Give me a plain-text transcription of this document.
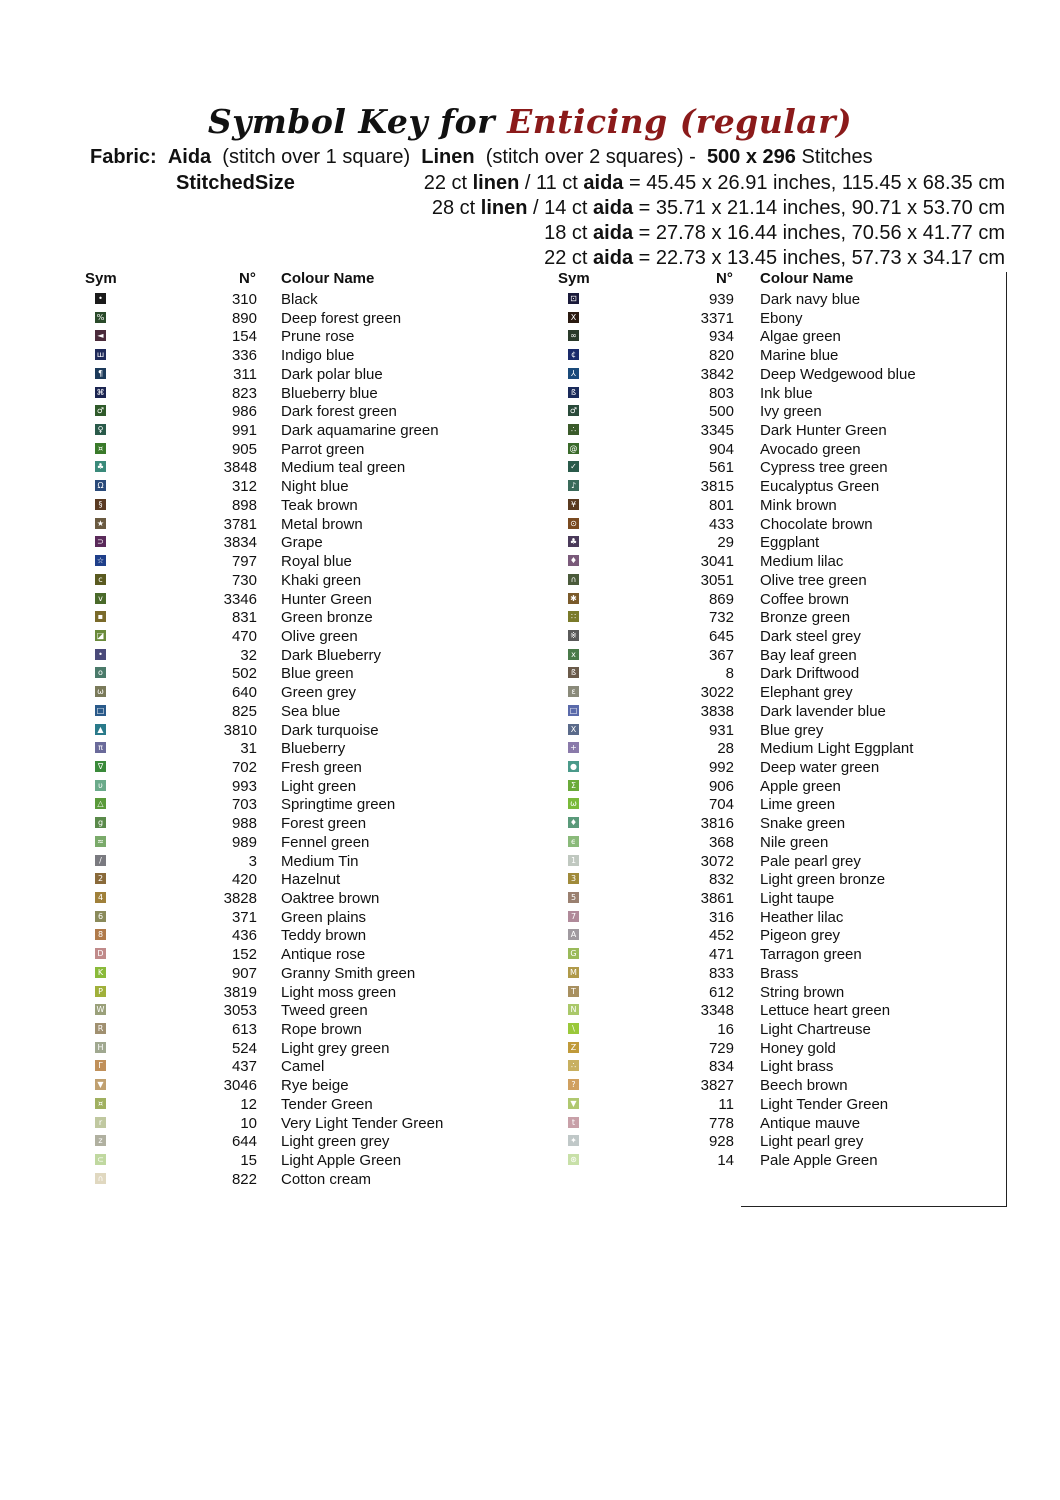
Symbol Key for Enticing (regular)
Fabric: Aida (stitch over 1 square) Linen (stitch over 2 squares) - 500 x 296 Stitches
StitchedSize	22 ct linen / 11 ct aida = 45.45 x 26.91 inches, 115.45 x 68.35 cm
28 ct linen / 14 ct aida = 35.71 x 21.14 inches, 90.71 x 53.70 cm
18 ct aida = 27.78 x 16.44 inches, 70.56 x 41.77 cm
22 ct aida = 22.73 x 13.45 inches, 57.73 x 34.17 cm
Sym	N° Colour Name
•	310 Black
%	890 Deep forest green
◄	154 Prune rose
ш	336 Indigo blue
¶	311 Dark polar blue
⌘	823 Blueberry blue
♂	986 Dark forest green
♀	991 Dark aquamarine green
¤	905 Parrot green
♣	3848 Medium teal green
Ω	312 Night blue
§	898 Teak brown
★	3781 Metal brown
⊃	3834 Grape
☆	797 Royal blue
c	730 Khaki green
v	3346 Hunter Green
▪	831 Green bronze
◪	470 Olive green
•	32 Dark Blueberry
o	502 Blue green
ω	640 Green grey
□	825 Sea blue
▲	3810 Dark turquoise
π	31 Blueberry
∇	702 Fresh green
υ	993 Light green
△	703 Springtime green
g	988 Forest green
≈	989 Fennel green
/	3 Medium Tin
2	420 Hazelnut
4	3828 Oaktree brown
6	371 Green plains
8	436 Teddy brown
D	152 Antique rose
K	907 Granny Smith green
P	3819 Light moss green
W	3053 Tweed green
R	613 Rope brown
H	524 Light grey green
Γ	437 Camel
▼	3046 Rye beige
¤	12 Tender Green
r	10 Very Light Tender Green
z	644 Light green grey
⊂	15 Light Apple Green
∩	822 Cotton cream
Sym	N° Colour Name
⊡	939 Dark navy blue
X	3371 Ebony
∞	934 Algae green
¢	820 Marine blue
⅄	3842 Deep Wedgewood blue
ß	803 Ink blue
♂	500 Ivy green
∴	3345 Dark Hunter Green
@	904 Avocado green
✓	561 Cypress tree green
♪	3815 Eucalyptus Green
¥	801 Mink brown
⊙	433 Chocolate brown
♣	29 Eggplant
♦	3041 Medium lilac
∩	3051 Olive tree green
✱	869 Coffee brown
∷	732 Bronze green
※	645 Dark steel grey
x	367 Bay leaf green
ß	8 Dark Driftwood
ε	3022 Elephant grey
□	3838 Dark lavender blue
X	931 Blue grey
+	28 Medium Light Eggplant
●	992 Deep water green
Σ	906 Apple green
ω	704 Lime green
♦	3816 Snake green
ϵ	368 Nile green
1	3072 Pale pearl grey
3	832 Light green bronze
5	3861 Light taupe
7	316 Heather lilac
A	452 Pigeon grey
G	471 Tarragon green
M	833 Brass
T	612 String brown
N	3348 Lettuce heart green
\	16 Light Chartreuse
Z	729 Honey gold
∴	834 Light brass
?	3827 Beech brown
▼	11 Light Tender Green
t	778 Antique mauve
✦	928 Light pearl grey
⊛	14 Pale Apple Green
